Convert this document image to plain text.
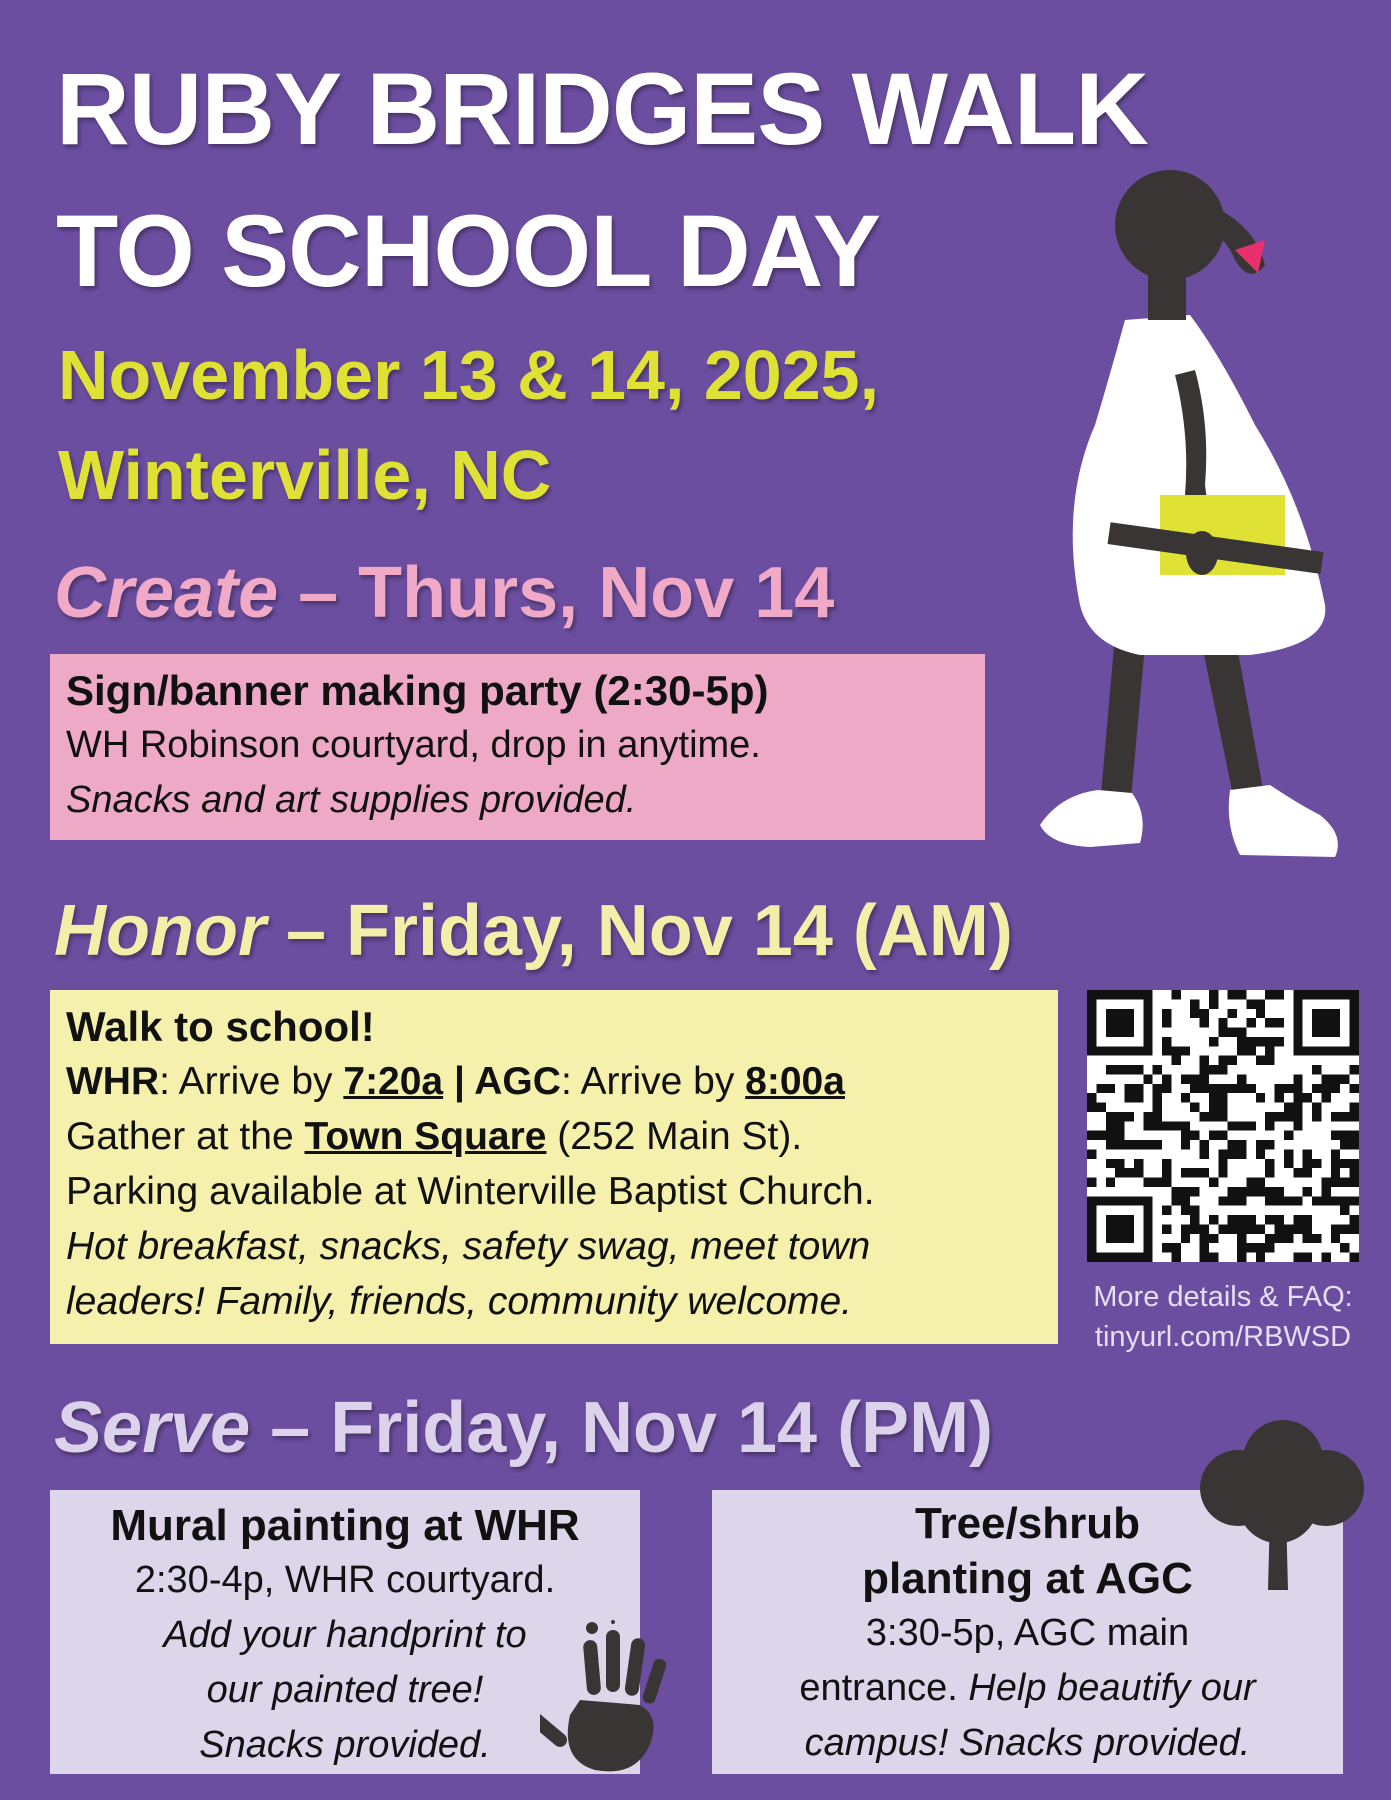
RUBY BRIDGES WALK
TO SCHOOL DAY
November 13 & 14, 2025,
Winterville, NC
Create – Thurs, Nov 14

Sign/banner making party (2:30-5p)

WH Robinson courtyard, drop in anytime.

Snacks and art supplies provided.

Honor – Friday, Nov 14 (AM)

Walk to school!

WHR: Arrive by 7:20a | AGC: Arrive by 8:00a

Gather at the Town Square (252 Main St).

Parking available at Winterville Baptist Church.

Hot breakfast, snacks, safety swag, meet town

leaders! Family, friends, community welcome.	More details & FAQ:
tinyurl.com/RBWSD

Serve – Friday, Nov 14 (PM)

Mural painting at WHR

2:30-4p, WHR courtyard.

Add your handprint to

our painted tree!

Snacks provided.

Tree/shrub

planting at AGC

3:30-5p, AGC main

entrance. Help beautify our

campus! Snacks provided.
